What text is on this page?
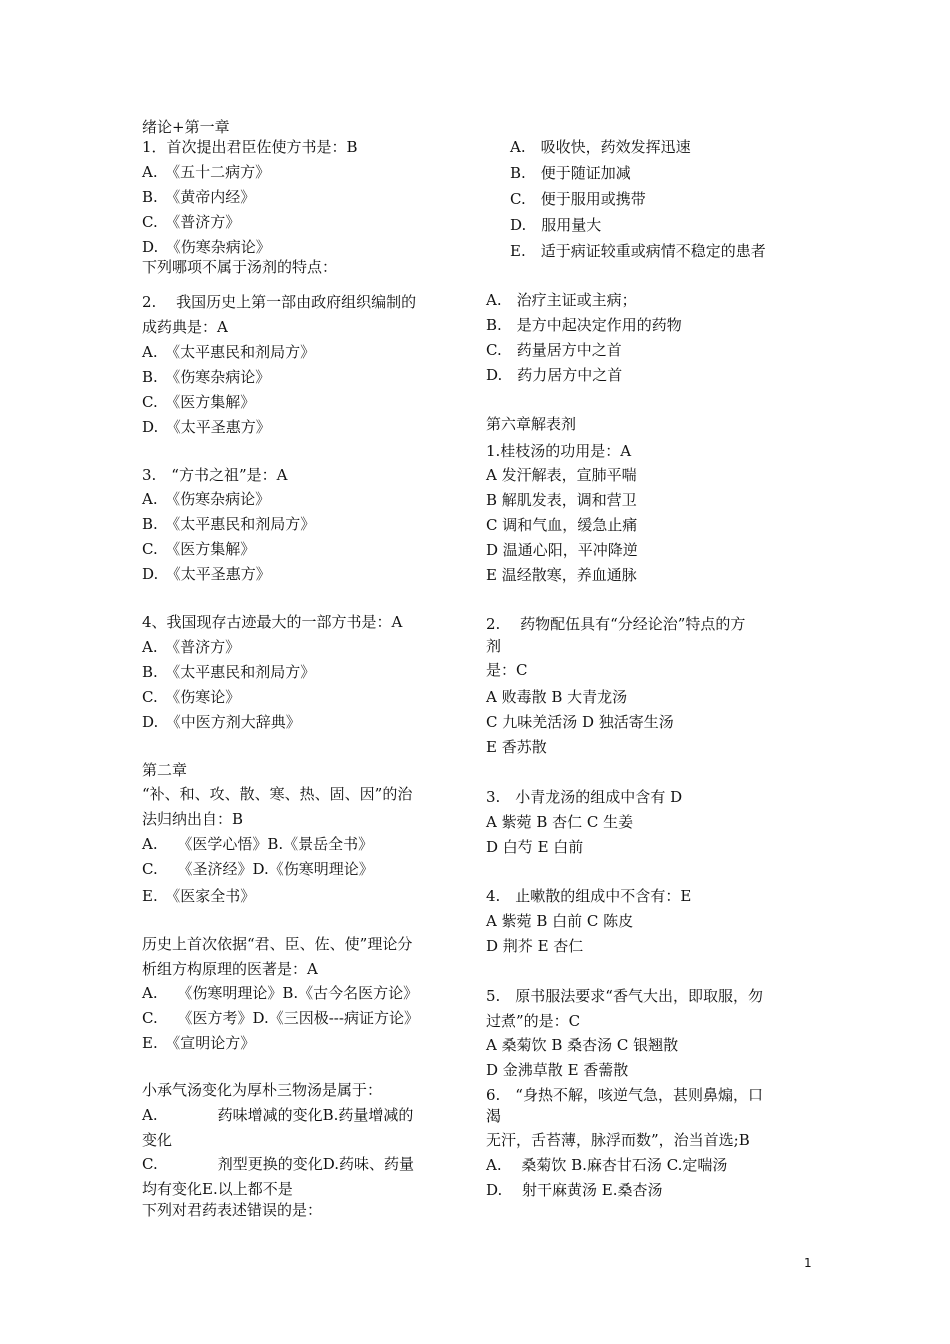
绪论+第一章
1．首次提出君臣佐使方书是：B
A.　《五十二病方》
B.　《黄帝内经》
C.　《普济方》
D.　《伤寒杂病论》
下列哪项不属于汤剂的特点：
2.　 我国历史上第一部由政府组织编制的
成药典是：A
A.　《太平惠民和剂局方》
B.　《伤寒杂病论》
C.　《医方集解》
D.　《太平圣惠方》
3.　“方书之祖”是：A
A.　《伤寒杂病论》
B.　《太平惠民和剂局方》
C.　《医方集解》
D.　《太平圣惠方》
4、我国现存古迹最大的一部方书是：A
A.　《普济方》
B.　《太平惠民和剂局方》
C.　《伤寒论》
D.　《中医方剂大辞典》
第二章
“补、和、攻、散、寒、热、固、因”的治
法归纳出自：B
A.　 《医学心悟》B.《景岳全书》
C.　 《圣济经》D.《伤寒明理论》
E.　《医家全书》
历史上首次依据“君、臣、佐、使”理论分
析组方构原理的医著是：A
A.　 《伤寒明理论》B.《古今名医方论》
C.　 《医方考》D.《三因极---病证方论》
E.　《宣明论方》
小承气汤变化为厚朴三物汤是属于：
A.　　　　药味增减的变化B.药量增减的
变化
C.　　　　剂型更换的变化D.药味、药量
均有变化E.以上都不是
下列对君药表述错误的是：
A.　吸收快，药效发挥迅速
B.　便于随证加减
C.　便于服用或携带
D.　服用量大
E.　适于病证较重或病情不稳定的患者
A.　治疗主证或主病；
B.　是方中起决定作用的药物
C.　药量居方中之首
D.　药力居方中之首
第六章解表剂
1.桂枝汤的功用是：A
A 发汗解表，宣肺平喘
B 解肌发表，调和营卫
C 调和气血，缓急止痛
D 温通心阳，平冲降逆
E 温经散寒，养血通脉
2.　 药物配伍具有“分经论治”特点的方
剂
是：C
A 败毒散 B 大青龙汤
C 九味羌活汤 D 独活寄生汤
E 香苏散
3.　小青龙汤的组成中含有 D
A 紫菀 B 杏仁 C 生姜
D 白芍 E 白前
4.　止嗽散的组成中不含有：E
A 紫菀 B 白前 C 陈皮
D 荆芥 E 杏仁
5.　原书服法要求“香气大出，即取服，勿
过煮”的是：C
A 桑菊饮 B 桑杏汤 C 银翘散
D 金沸草散 E 香薷散
6.　“身热不解，咳逆气急，甚则鼻煽，口
渴
无汗，舌苔薄，脉浮而数”，治当首选;B
A.　 桑菊饮 B.麻杏甘石汤 C.定喘汤
D.　 射干麻黄汤 E.桑杏汤
1
